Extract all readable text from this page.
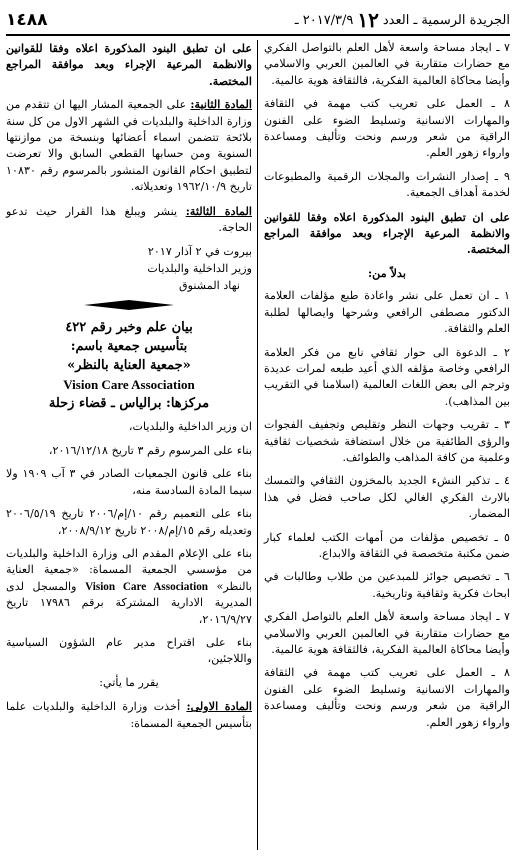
الجريدة الرسمية ـ العدد
١٢
٢٠١٧/٣/٩ ـ
١٤٨٨

٧ ـ ايجاد مساحة واسعة لأهل العلم بالتواصل الفكري مع حضارات متقاربة في العالمين العربي والاسلامي وأيضا محاكاة العالمية الفكرية، فالثقافة هوية عالمية.

٨ ـ العمل على تعريب كتب مهمة في الثقافة والمهارات الانسانية وتسليط الضوء على الفنون الراقية من شعر ورسم ونحت وتأليف ومساعدة وارواء زهور العلم.

٩ ـ إصدار النشرات والمجلات الرقمية والمطبوعات لخدمة أهداف الجمعية.

على ان تطبق البنود المذكورة اعلاه وفقا للقوانين والانظمة المرعية الإجراء وبعد موافقة المراجع المختصة.

بدلاً من:

١ ـ ان تعمل على نشر واعادة طبع مؤلفات العلامة الدكتور مصطفى الرافعي وشرحها وايصالها لطلبة العلم والثقافة.

٢ ـ الدعوة الى حوار ثقافي نابع من فكر العلامة الرافعي وخاصة مؤلفه الذي أعيد طبعه لمرات عديدة وترجم الى بعض اللغات العالمية (اسلامنا في التقريب بين المذاهب).

٣ ـ تقريب وجهات النظر وتقليص وتجفيف الفجوات والرؤى الطائفية من خلال استضافة شخصيات ثقافية وعلمية من كافة المذاهب والطوائف.

٤ ـ تذكير النشء الجديد بالمخزون الثقافي والتمسك بالارث الفكري الغالي لكل صاحب فضل في هذا المضمار.

٥ ـ تخصيص مؤلفات من أمهات الكتب لعلماء كبار ضمن مكتبة متخصصة في الثقافة والابداع.

٦ ـ تخصيص جوائز للمبدعين من طلاب وطالبات في ابحاث فكرية وثقافية وتاريخية.

٧ ـ ايجاد مساحة واسعة لأهل العلم بالتواصل الفكري مع حضارات متقاربة في العالمين العربي والاسلامي وأيضا محاكاة العالمية الفكرية، فالثقافة هوية عالمية.

٨ ـ العمل على تعريب كتب مهمة في الثقافة والمهارات الانسانية وتسليط الضوء على الفنون الراقية من شعر ورسم ونحت وتأليف ومساعدة وارواء زهور العلم.

على ان تطبق البنود المذكورة اعلاه وفقا للقوانين والانظمة المرعية الإجراء وبعد موافقة المراجع المختصة.

المادة الثانية: على الجمعية المشار اليها ان تتقدم من وزارة الداخلية والبلديات في الشهر الاول من كل سنة بلائحة تتضمن اسماء أعضائها وبنسخة من موازنتها السنوية ومن حسابها القطعي السابق والا تعرضت لتطبيق احكام القانون المنشور بالمرسوم رقم ١٠٨٣٠ تاريخ ١٩٦٢/١٠/٩ وتعديلاته.

المادة الثالثة: ينشر ويبلغ هذا القرار حيث تدعو الحاجة.

بيروت في ٢ آذار ٢٠١٧
وزير الداخلية والبلديات
نهاد المشنوق
بيان علم وخبر رقم ٤٢٢
بتأسيس جمعية باسم:
«جمعية العناية بالنظر»
Vision Care Association
مركزها: برالياس ـ قضاء زحلة

ان وزير الداخلية والبلديات،

بناء على المرسوم رقم ٣ تاريخ ٢٠١٦/١٢/١٨،

بناء على قانون الجمعيات الصادر في ٣ آب ١٩٠٩ ولا سيما المادة السادسة منه،

بناء على التعميم رقم ١٠/إم/٢٠٠٦ تاريخ ٢٠٠٦/٥/١٩ وتعديله رقم ١٥/إم/٢٠٠٨ تاريخ ٢٠٠٨/٩/١٢،

بناء على الإعلام المقدم الى وزارة الداخلية والبلديات من مؤسسي الجمعية المسماة: «جمعية العناية بالنظر» Vision Care Association والمسجل لدى المديرية الادارية المشتركة برقم ١٧٩٨٦ تاريخ ٢٠١٦/٩/٢٧،

بناء على اقتراح مدير عام الشؤون السياسية واللاجئين،

يقرر ما يأتي:

المادة الاولى: أخذت وزارة الداخلية والبلديات علما بتأسيس الجمعية المسماة:
